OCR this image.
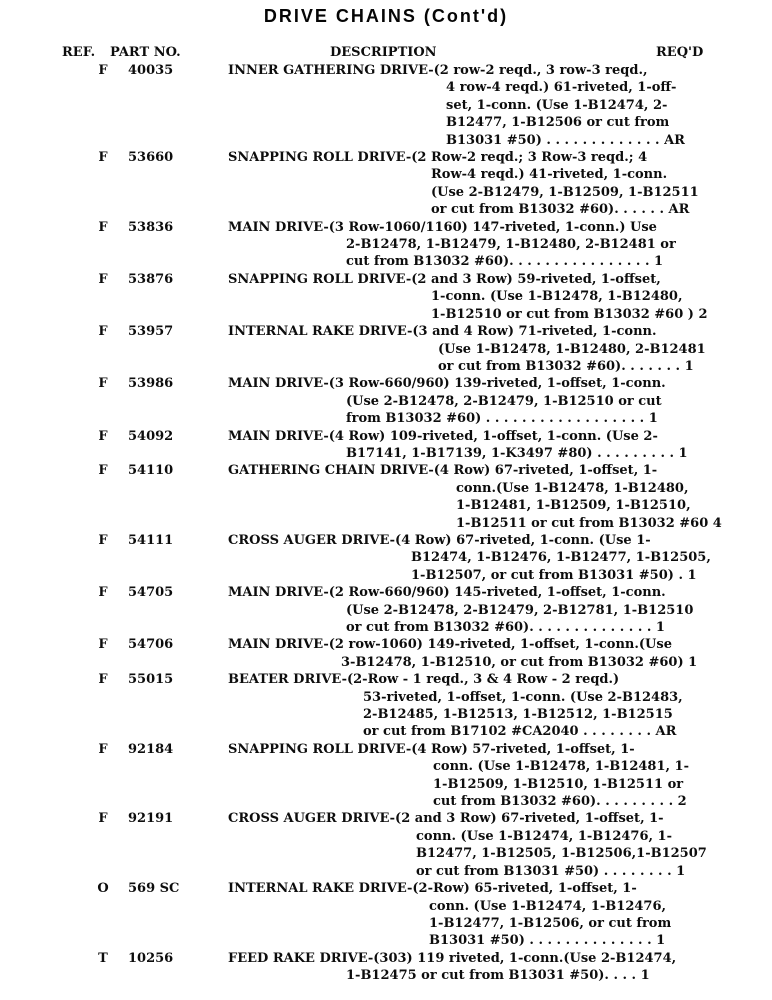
DRIVE CHAINS (Cont'd)
REF. PART NO.	DESCRIPTION	REQ'D
F	40035	INNER GATHERING DRIVE-(2 row-2 reqd., 3 row-3 reqd.,
4 row-4 reqd.) 61-riveted, 1-off-
set, 1-conn. (Use 1-B12474, 2-
B12477, 1-B12506 or cut from
B13031 #50) . . . . . . . . . . . . . AR
F	53660	SNAPPING ROLL DRIVE-(2 Row-2 reqd.; 3 Row-3 reqd.; 4
Row-4 reqd.) 41-riveted, 1-conn.
(Use 2-B12479, 1-B12509, 1-B12511
or cut from B13032 #60). . . . . . AR
F	53836	MAIN DRIVE-(3 Row-1060/1160) 147-riveted, 1-conn.) Use
2-B12478, 1-B12479, 1-B12480, 2-B12481 or
cut from B13032 #60). . . . . . . . . . . . . . . . 1
F	53876	SNAPPING ROLL DRIVE-(2 and 3 Row) 59-riveted, 1-offset,
1-conn. (Use 1-B12478, 1-B12480,
1-B12510 or cut from B13032 #60 ) 2
F	53957	INTERNAL RAKE DRIVE-(3 and 4 Row) 71-riveted, 1-conn.
(Use 1-B12478, 1-B12480, 2-B12481
or cut from B13032 #60). . . . . . . 1
F	53986	MAIN DRIVE-(3 Row-660/960) 139-riveted, 1-offset, 1-conn.
(Use 2-B12478, 2-B12479, 1-B12510 or cut
from B13032 #60) . . . . . . . . . . . . . . . . . . 1
F	54092	MAIN DRIVE-(4 Row) 109-riveted, 1-offset, 1-conn. (Use 2-
B17141, 1-B17139, 1-K3497 #80) . . . . . . . . . 1
F	54110	GATHERING CHAIN DRIVE-(4 Row) 67-riveted, 1-offset, 1-
conn.(Use 1-B12478, 1-B12480,
1-B12481, 1-B12509, 1-B12510,
1-B12511 or cut from B13032 #60 4
F	54111	CROSS AUGER DRIVE-(4 Row) 67-riveted, 1-conn. (Use 1-
B12474, 1-B12476, 1-B12477, 1-B12505,
1-B12507, or cut from B13031 #50) . 1
F	54705	MAIN DRIVE-(2 Row-660/960) 145-riveted, 1-offset, 1-conn.
(Use 2-B12478, 2-B12479, 2-B12781, 1-B12510
or cut from B13032 #60). . . . . . . . . . . . . . 1
F	54706	MAIN DRIVE-(2 row-1060) 149-riveted, 1-offset, 1-conn.(Use
3-B12478, 1-B12510, or cut from B13032 #60) 1
F	55015	BEATER DRIVE-(2-Row - 1 reqd., 3 & 4 Row - 2 reqd.)
53-riveted, 1-offset, 1-conn. (Use 2-B12483,
2-B12485, 1-B12513, 1-B12512, 1-B12515
or cut from B17102 #CA2040 . . . . . . . . AR
F	92184	SNAPPING ROLL DRIVE-(4 Row) 57-riveted, 1-offset, 1-
conn. (Use 1-B12478, 1-B12481, 1-
1-B12509, 1-B12510, 1-B12511 or
cut from B13032 #60). . . . . . . . . 2
F	92191	CROSS AUGER DRIVE-(2 and 3 Row) 67-riveted, 1-offset, 1-
conn. (Use 1-B12474, 1-B12476, 1-
B12477, 1-B12505, 1-B12506,1-B12507
or cut from B13031 #50) . . . . . . . . 1
O	569 SC	INTERNAL RAKE DRIVE-(2-Row) 65-riveted, 1-offset, 1-
conn. (Use 1-B12474, 1-B12476,
1-B12477, 1-B12506, or cut from
B13031 #50) . . . . . . . . . . . . . . 1
T	10256	FEED RAKE DRIVE-(303) 119 riveted, 1-conn.(Use 2-B12474,
1-B12475 or cut from B13031 #50). . . . 1
